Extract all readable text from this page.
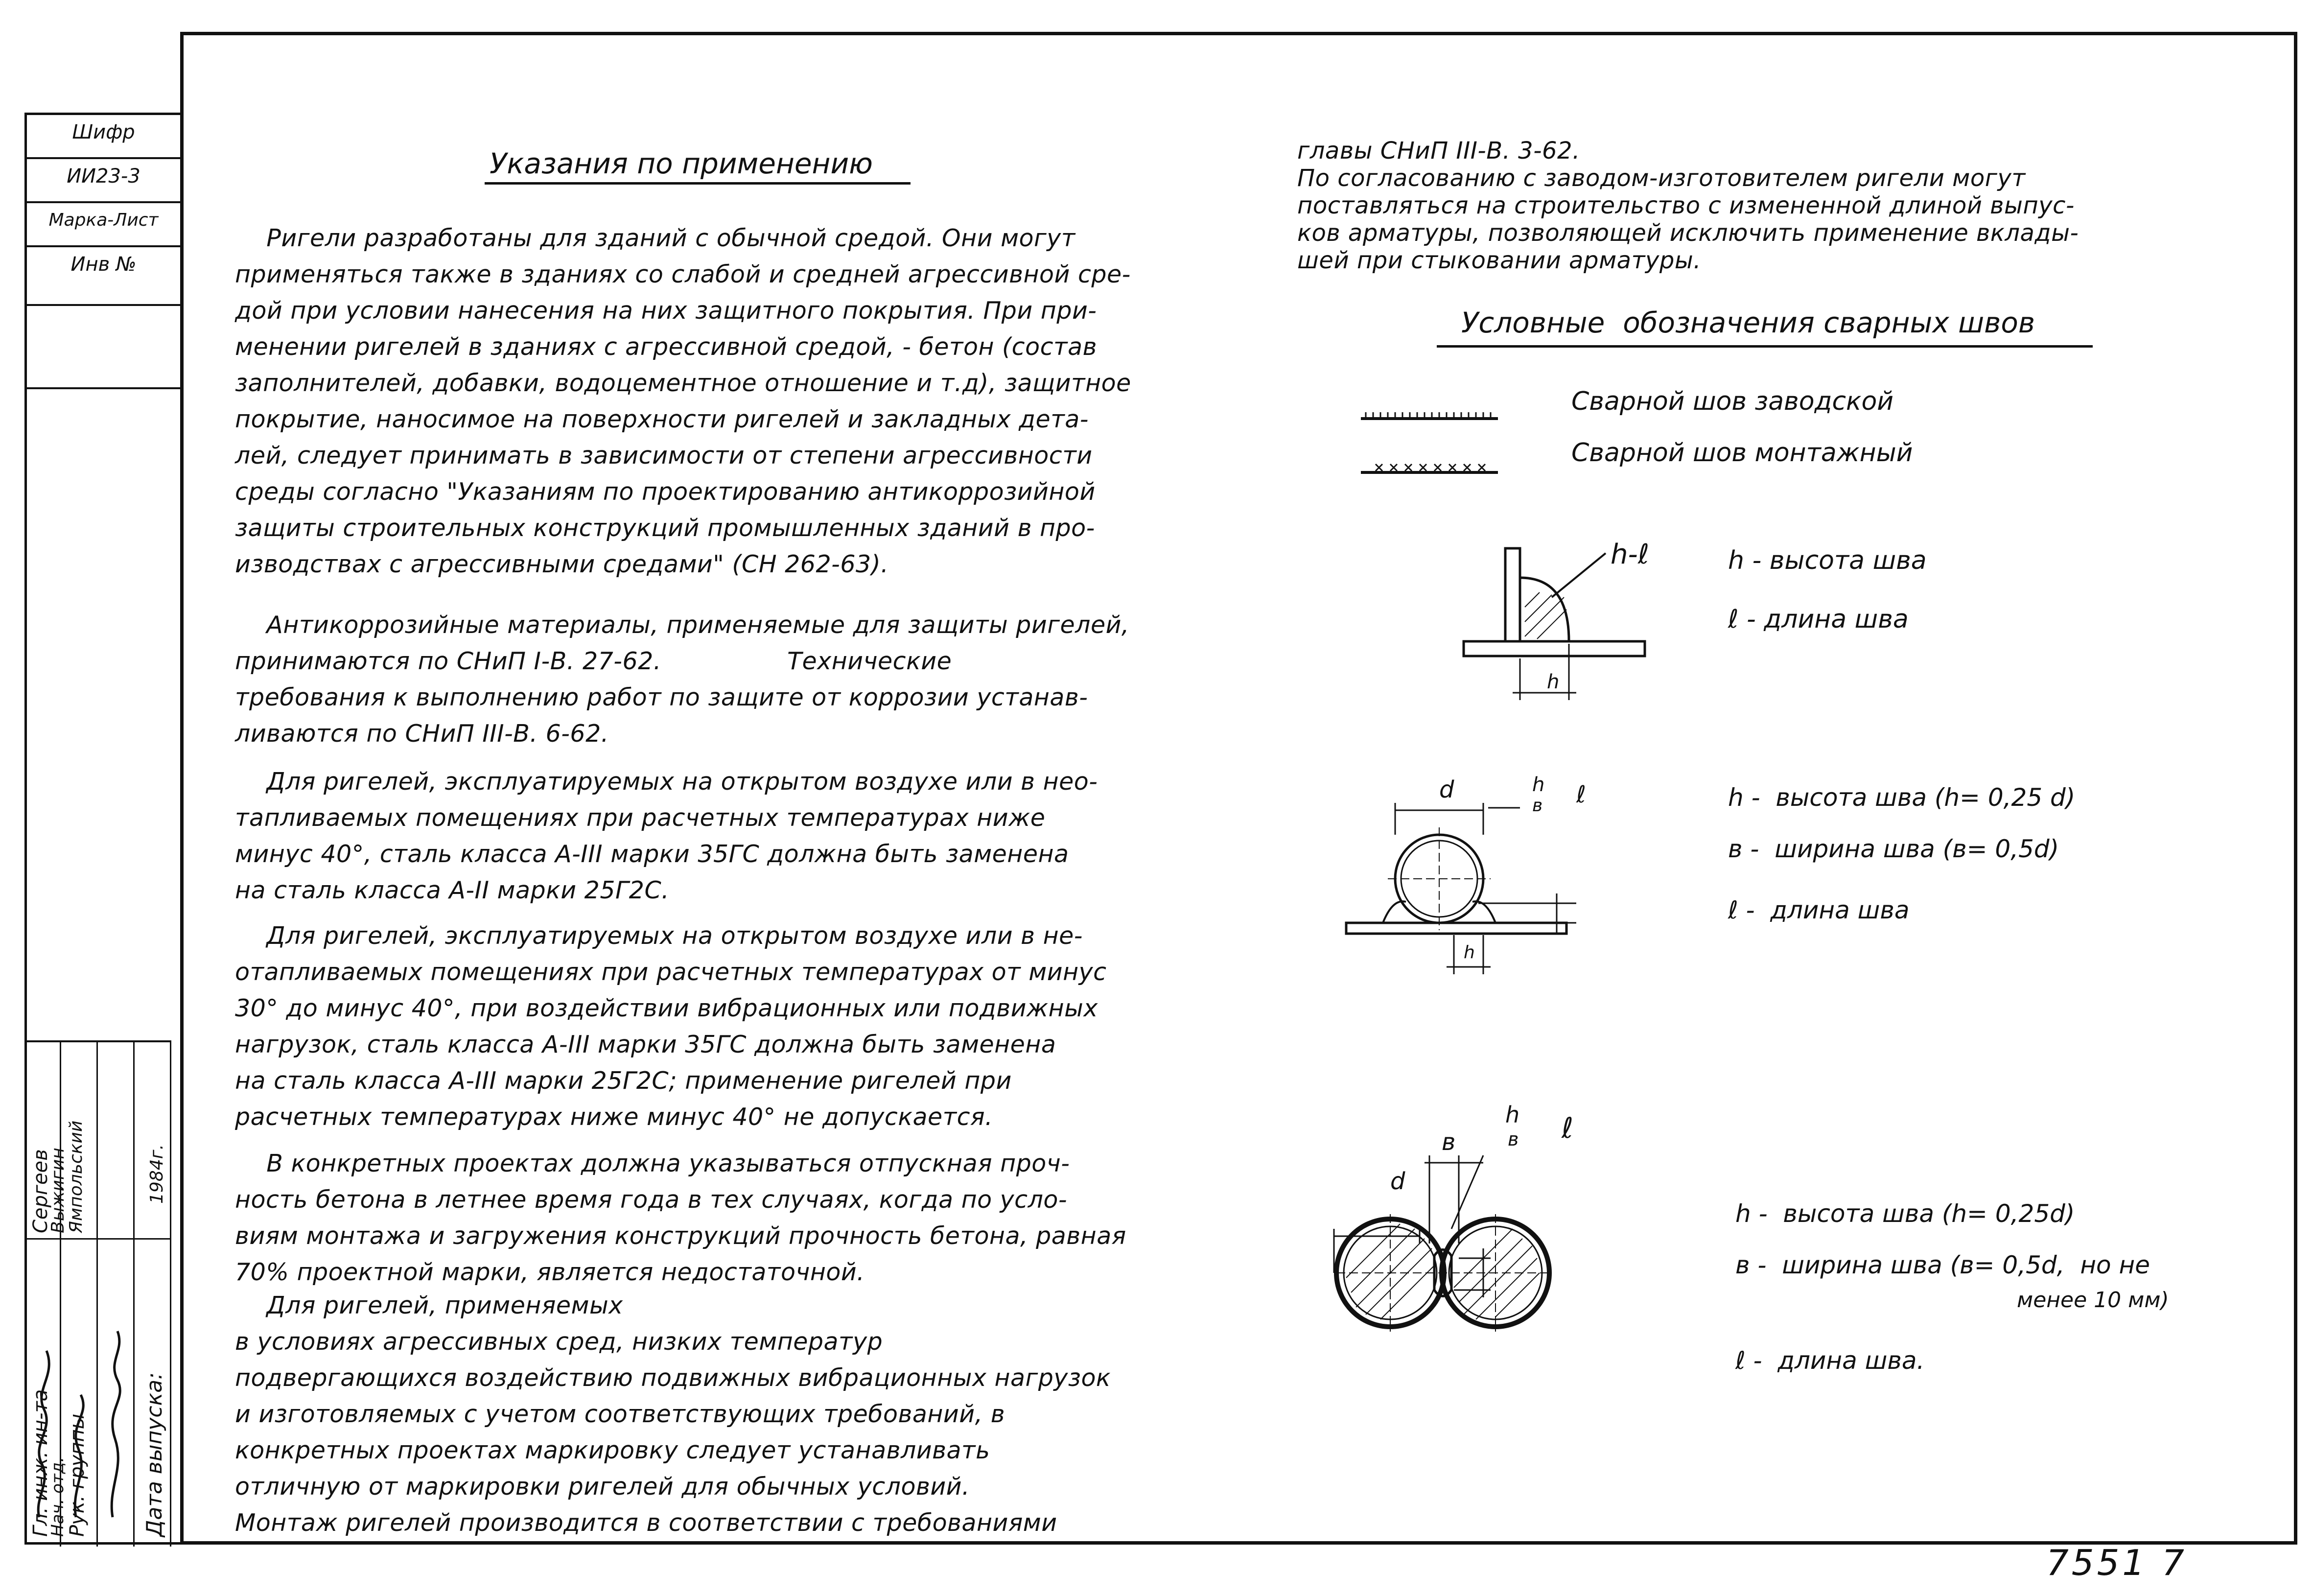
Шифр
ИИ23-3
Марка-Лист
Инв №
Гл. инж. ин-та
Нач. отд.
Рук. группы
Сергеев
Выжигин
Ямпольский
Дата выпуска:
1984г.
Указания по применению
Ригели разработаны для зданий с обычной средой. Они могут
применяться также в зданиях со слабой и средней агрессивной сре-
дой при условии нанесения на них защитного покрытия. При при-
менении ригелей в зданиях с агрессивной средой, - бетон (состав
заполнителей, добавки, водоцементное отношение и т.д), защитное
покрытие, наносимое на поверхности ригелей и закладных дета-
лей, следует принимать в зависимости от степени агрессивности
среды согласно "Указаниям по проектированию антикоррозийной
защиты строительных конструкций промышленных зданий в про-
изводствах с агрессивными средами" (СН 262-63).
Антикоррозийные материалы, применяемые для защиты ригелей,
принимаются по СНиП I-В. 27-62.                Технические
требования к выполнению работ по защите от коррозии устанав-
ливаются по СНиП III-В. 6-62.
Для ригелей, эксплуатируемых на открытом воздухе или в нео-
тапливаемых помещениях при расчетных температурах ниже
минус 40°, сталь класса А-III марки 35ГС должна быть заменена
на сталь класса А-II марки 25Г2С.
Для ригелей, эксплуатируемых на открытом воздухе или в не-
отапливаемых помещениях при расчетных температурах от минус
30° до минус 40°, при воздействии вибрационных или подвижных
нагрузок, сталь класса А-III марки 35ГС должна быть заменена
на сталь класса А-III марки 25Г2С; применение ригелей при
расчетных температурах ниже минус 40° не допускается.
В конкретных проектах должна указываться отпускная проч-
ность бетона в летнее время года в тех случаях, когда по усло-
виям монтажа и загружения конструкций прочность бетона, равная
70% проектной марки, является недостаточной.
Для ригелей, применяемых
в условиях агрессивных сред, низких температур
подвергающихся воздействию подвижных вибрационных нагрузок
и изготовляемых с учетом соответствующих требований, в
конкретных проектах маркировку следует устанавливать
отличную от маркировки ригелей для обычных условий.
Монтаж ригелей производится в соответствии с требованиями
главы СНиП III-В. 3-62.
По согласованию с заводом-изготовителем ригели могут
поставляться на строительство с измененной длиной выпус-
ков арматуры, позволяющей исключить применение вклады-
шей при стыковании арматуры.
Условные  обозначения сварных швов
Сварной шов заводской
Сварной шов монтажный
h-ℓ
h
h - высота шва
ℓ - длина шва
d	h
в ℓ
h
h -  высота шва (h= 0,25 d)
в -  ширина шва (в= 0,5d)
ℓ -  длина шва
в
d
h
в ℓ
h -  высота шва (h= 0,25d)
в -  ширина шва (в= 0,5d,  но не
менее 10 мм)
ℓ -  длина шва.
7551 7
